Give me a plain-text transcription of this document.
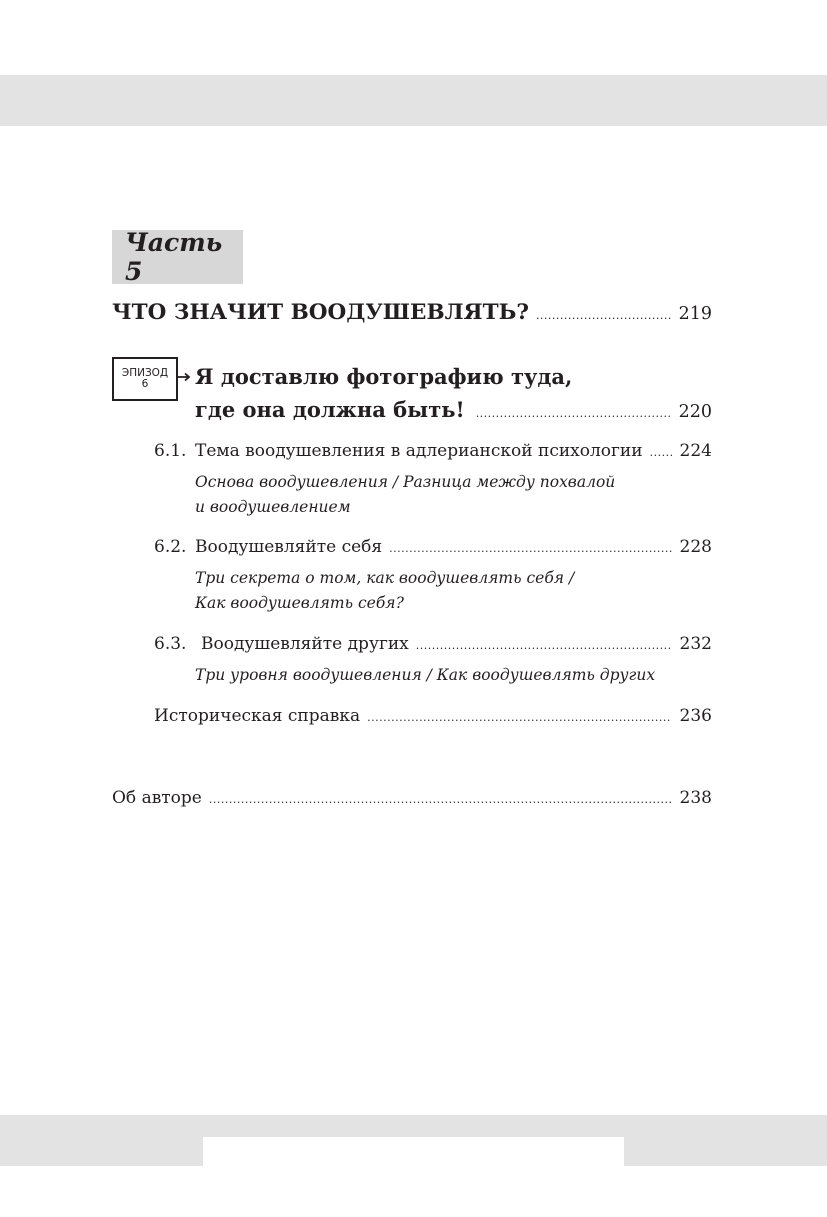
Часть 5
ЧТО ЗНАЧИТ ВООДУШЕВЛЯТЬ? .....	219
ЭПИЗОД
6	Я доставлю фотографию туда,
где она должна быть! .....	220
6.1. Тема воодушевления в адлерианской психологии ..... 224
Основа воодушевления / Разница между похвалой
и воодушевлением
6.2. Воодушевляйте себя .....	228
Три секрета о том, как воодушевлять себя /
Как воодушевлять себя?
6.3. Воодушевляйте других .....	232
Три уровня воодушевления / Как воодушевлять других
Историческая справка .....	236
Об авторе .....	238
